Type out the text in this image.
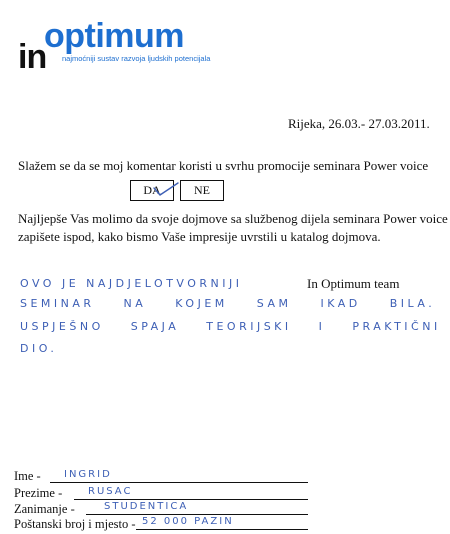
optimum
in najmoćniji sustav razvoja ljudskih potencijala
Rijeka, 26.03.- 27.03.2011.
Slažem se da se moj komentar koristi u svrhu promocije seminara Power voice
DA	NE
Najljepše Vas molimo da svoje dojmove sa službenog dijela seminara Power voice
zapišete ispod, kako bismo Vaše impresije uvrstili u katalog dojmova.
In Optimum team
OVO JE NAJDJELOTVORNIJI
SEMINAR NA KOJEM SAM IKAD BILA.
USPJEŠNO SPAJA TEORIJSKI I PRAKTIČNI
DIO.
Ime - INGRID
Prezime -	RUSAC
Zanimanje -	STUDENTICA
Poštanski broj i mjesto - 52 000 PAZIN
